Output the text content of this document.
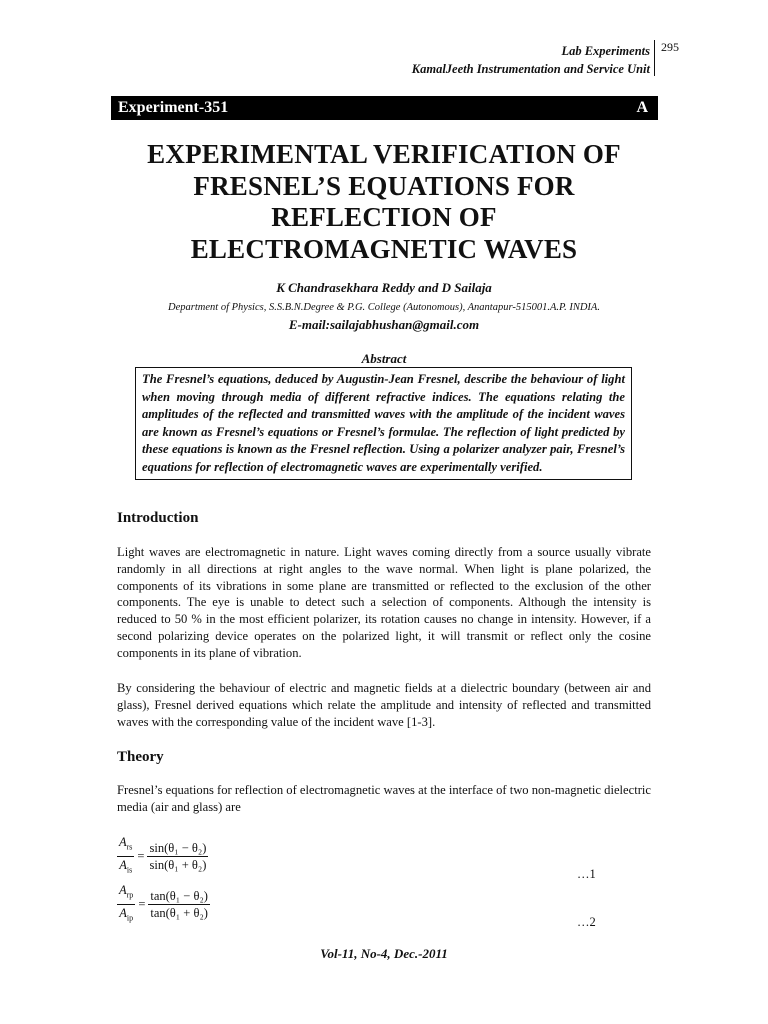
Lab Experiments
KamalJeeth Instrumentation and Service Unit
295
Experiment-351	A
EXPERIMENTAL VERIFICATION OF
FRESNEL’S EQUATIONS FOR
REFLECTION OF
ELECTROMAGNETIC WAVES
K Chandrasekhara Reddy and D Sailaja
Department of Physics, S.S.B.N.Degree & P.G. College (Autonomous), Anantapur-515001.A.P. INDIA.
E-mail:sailajabhushan@gmail.com
Abstract
The Fresnel’s equations, deduced by Augustin-Jean Fresnel, describe the behaviour of light when moving through media of different refractive indices. The equations relating the amplitudes of the reflected and transmitted waves with the amplitude of the incident waves are known as Fresnel’s equations or Fresnel’s formulae. The reflection of light predicted by these equations is known as the Fresnel reflection. Using a polarizer analyzer pair, Fresnel’s equations for reflection of electromagnetic waves are experimentally verified.
Introduction
Light waves are electromagnetic in nature. Light waves coming directly from a source usually vibrate randomly in all directions at right angles to the wave normal. When light is plane polarized, the components of its vibrations in some plane are transmitted or reflected to the exclusion of the other components. The eye is unable to detect such a selection of components. Although the intensity is reduced to 50 % in the most efficient polarizer, its rotation causes no change in intensity. However, if a second polarizing device operates on the polarized light, it will transmit or reflect only the cosine components in its plane of vibration.
By considering the behaviour of electric and magnetic fields at a dielectric boundary (between air and glass), Fresnel derived equations which relate the amplitude and intensity of reflected and transmitted waves with the corresponding value of the incident wave [1-3].
Theory
Fresnel’s equations for reflection of electromagnetic waves at the interface of two non-magnetic dielectric media (air and glass) are
$A_{rs}$
$A_{is}$
=
sin(θ₁ − θ₂)
sin(θ₁ + θ₂)
…1
$A_{rp}$
$A_{ip}$
=
tan(θ₁ − θ₂)
tan(θ₁ + θ₂)
…2
Vol-11, No-4, Dec.-2011
